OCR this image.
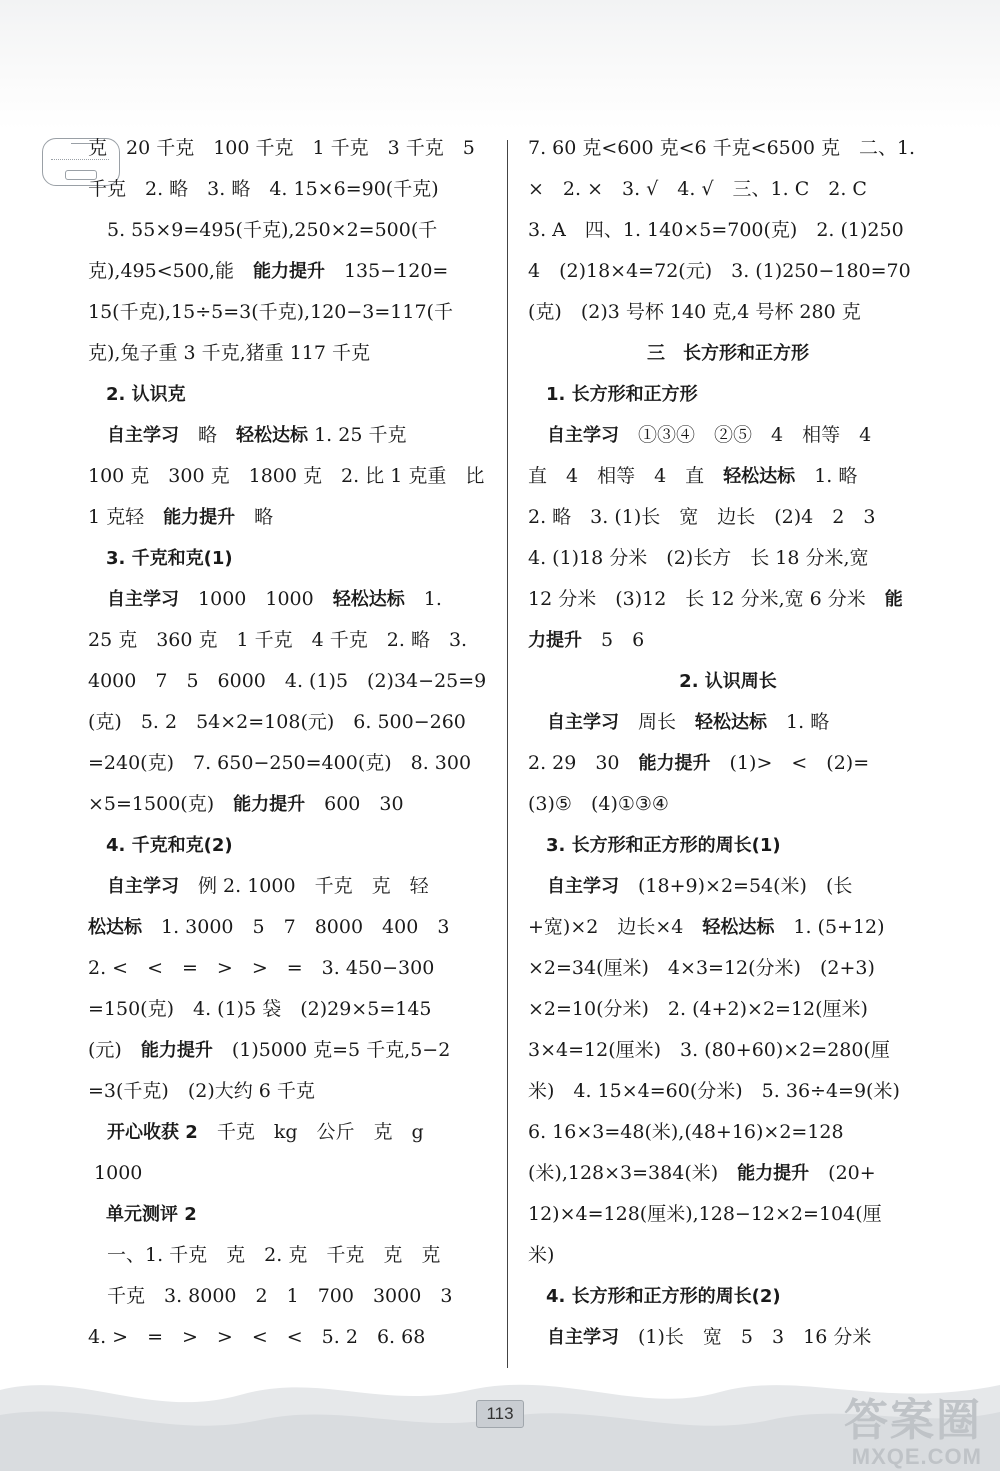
克　20 千克　100 千克　1 千克　3 千克　5
千克　2. 略　3. 略　4. 15×6=90(千克)
　5. 55×9=495(千克),250×2=500(千
克),495<500,能　能力提升　135−120=
15(千克),15÷5=3(千克),120−3=117(千
克),兔子重 3 千克,猪重 117 千克
　2. 认识克
　自主学习　略　轻松达标 1. 25 千克
100 克　300 克　1800 克　2. 比 1 克重　比
1 克轻　能力提升　略
　3. 千克和克(1)
　自主学习　1000　1000　轻松达标　1.
25 克　360 克　1 千克　4 千克　2. 略　3.
4000　7　5　6000　4. (1)5　(2)34−25=9
(克)　5. 2　54×2=108(元)　6. 500−260
=240(克)　7. 650−250=400(克)　8. 300
×5=1500(克)　能力提升　600　30
　4. 千克和克(2)
　自主学习　例 2. 1000　千克　克　轻
松达标　1. 3000　5　7　8000　400　3
2. <　<　=　>　>　=　3. 450−300
=150(克)　4. (1)5 袋　(2)29×5=145
(元)　能力提升　(1)5000 克=5 千克,5−2
=3(千克)　(2)大约 6 千克
　开心收获 2　千克　kg　公斤　克　g
1000
　单元测评 2
　一、1. 千克　克　2. 克　千克　克　克
　千克　3. 8000　2　1　700　3000　3
4. >　=　>　>　<　<　5. 2　6. 68
7. 60 克<600 克<6 千克<6500 克　二、1.
×　2. ×　3. √　4. √　三、1. C　2. C
3. A　四、1. 140×5=700(克)　2. (1)250
4　(2)18×4=72(元)　3. (1)250−180=70
(克)　(2)3 号杯 140 克,4 号杯 280 克
三　长方形和正方形
　1. 长方形和正方形
　自主学习　①③④　②⑤　4　相等　4
直　4　相等　4　直　轻松达标　1. 略
2. 略　3. (1)长　宽　边长　(2)4　2　3
4. (1)18 分米　(2)长方　长 18 分米,宽
12 分米　(3)12　长 12 分米,宽 6 分米　能
力提升　5　6
2. 认识周长
　自主学习　周长　轻松达标　1. 略
2. 29　30　能力提升　(1)>　<　(2)=
(3)⑤　(4)①③④
　3. 长方形和正方形的周长(1)
　自主学习　(18+9)×2=54(米)　(长
+宽)×2　边长×4　轻松达标　1. (5+12)
×2=34(厘米)　4×3=12(分米)　(2+3)
×2=10(分米)　2. (4+2)×2=12(厘米)
3×4=12(厘米)　3. (80+60)×2=280(厘
米)　4. 15×4=60(分米)　5. 36÷4=9(米)
6. 16×3=48(米),(48+16)×2=128
(米),128×3=384(米)　能力提升　(20+
12)×4=128(厘米),128−12×2=104(厘
米)
　4. 长方形和正方形的周长(2)
　自主学习　(1)长　宽　5　3　16 分米
113	答案圈
MXQE.COM
